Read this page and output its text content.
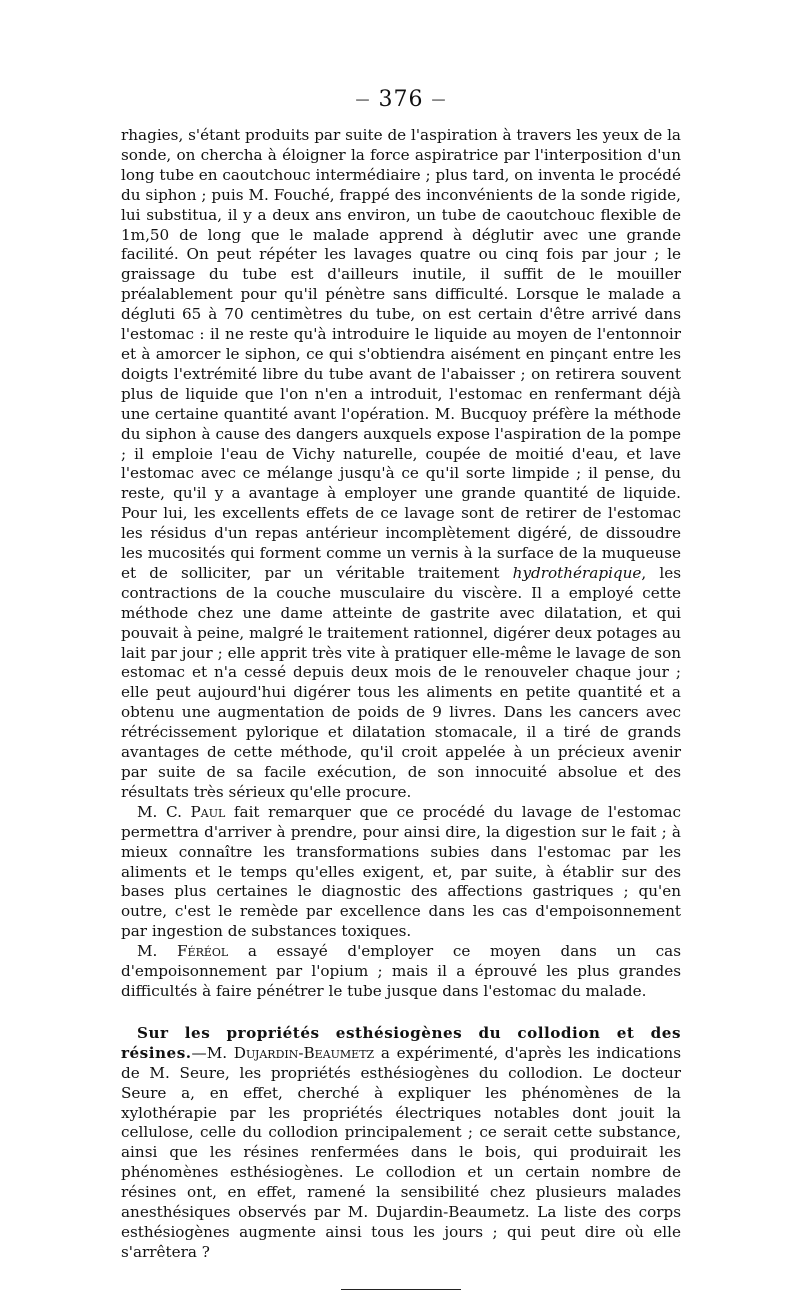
— 376 —

rhagies, s'étant produits par suite de l'aspiration à travers les yeux de la sonde, on chercha à éloigner la force aspiratrice par l'interposition d'un long tube en caoutchouc intermédiaire ; plus tard, on inventa le procédé du siphon ; puis M. Fouché, frappé des inconvénients de la sonde rigide, lui substitua, il y a deux ans environ, un tube de caoutchouc flexible de 1m,50 de long que le malade apprend à déglutir avec une grande facilité. On peut répéter les lavages quatre ou cinq fois par jour ; le graissage du tube est d'ailleurs inutile, il suffit de le mouiller préalablement pour qu'il pénètre sans difficulté. Lorsque le malade a dégluti 65 à 70 centimètres du tube, on est certain d'être arrivé dans l'estomac : il ne reste qu'à introduire le liquide au moyen de l'entonnoir et à amorcer le siphon, ce qui s'obtiendra aisément en pinçant entre les doigts l'extrémité libre du tube avant de l'abaisser ; on retirera souvent plus de liquide que l'on n'en a introduit, l'estomac en renfermant déjà une certaine quantité avant l'opération. M. Bucquoy préfère la méthode du siphon à cause des dangers auxquels expose l'aspiration de la pompe ; il emploie l'eau de Vichy naturelle, coupée de moitié d'eau, et lave l'estomac avec ce mélange jusqu'à ce qu'il sorte limpide ; il pense, du reste, qu'il y a avantage à employer une grande quantité de liquide. Pour lui, les excellents effets de ce lavage sont de retirer de l'estomac les résidus d'un repas antérieur incomplètement digéré, de dissoudre les mucosités qui forment comme un vernis à la surface de la muqueuse et de solliciter, par un véritable traitement hydrothérapique, les contractions de la couche musculaire du viscère. Il a employé cette méthode chez une dame atteinte de gastrite avec dilatation, et qui pouvait à peine, malgré le traitement rationnel, digérer deux potages au lait par jour ; elle apprit très vite à pratiquer elle-même le lavage de son estomac et n'a cessé depuis deux mois de le renouveler chaque jour ; elle peut aujourd'hui digérer tous les aliments en petite quantité et a obtenu une augmentation de poids de 9 livres. Dans les cancers avec rétrécissement pylorique et dilatation stomacale, il a tiré de grands avantages de cette méthode, qu'il croit appelée à un précieux avenir par suite de sa facile exécution, de son innocuité absolue et des résultats très sérieux qu'elle procure.

M. C. Paul fait remarquer que ce procédé du lavage de l'estomac permettra d'arriver à prendre, pour ainsi dire, la digestion sur le fait ; à mieux connaître les transformations subies dans l'estomac par les aliments et le temps qu'elles exigent, et, par suite, à établir sur des bases plus certaines le diagnostic des affections gastriques ; qu'en outre, c'est le remède par excellence dans les cas d'empoisonnement par ingestion de substances toxiques.

M. Féréol a essayé d'employer ce moyen dans un cas d'empoisonnement par l'opium ; mais il a éprouvé les plus grandes difficultés à faire pénétrer le tube jusque dans l'estomac du malade.

Sur les propriétés esthésiogènes du collodion et des résines.—M. Dujardin-Beaumetz a expérimenté, d'après les indications de M. Seure, les propriétés esthésiogènes du collodion. Le docteur Seure a, en effet, cherché à expliquer les phénomènes de la xylothérapie par les propriétés électriques notables dont jouit la cellulose, celle du collodion principalement ; ce serait cette substance, ainsi que les résines renfermées dans le bois, qui produirait les phénomènes esthésiogènes. Le collodion et un certain nombre de résines ont, en effet, ramené la sensibilité chez plusieurs malades anesthésiques observés par M. Dujardin-Beaumetz. La liste des corps esthésiogènes augmente ainsi tous les jours ; qui peut dire où elle s'arrêtera ?
